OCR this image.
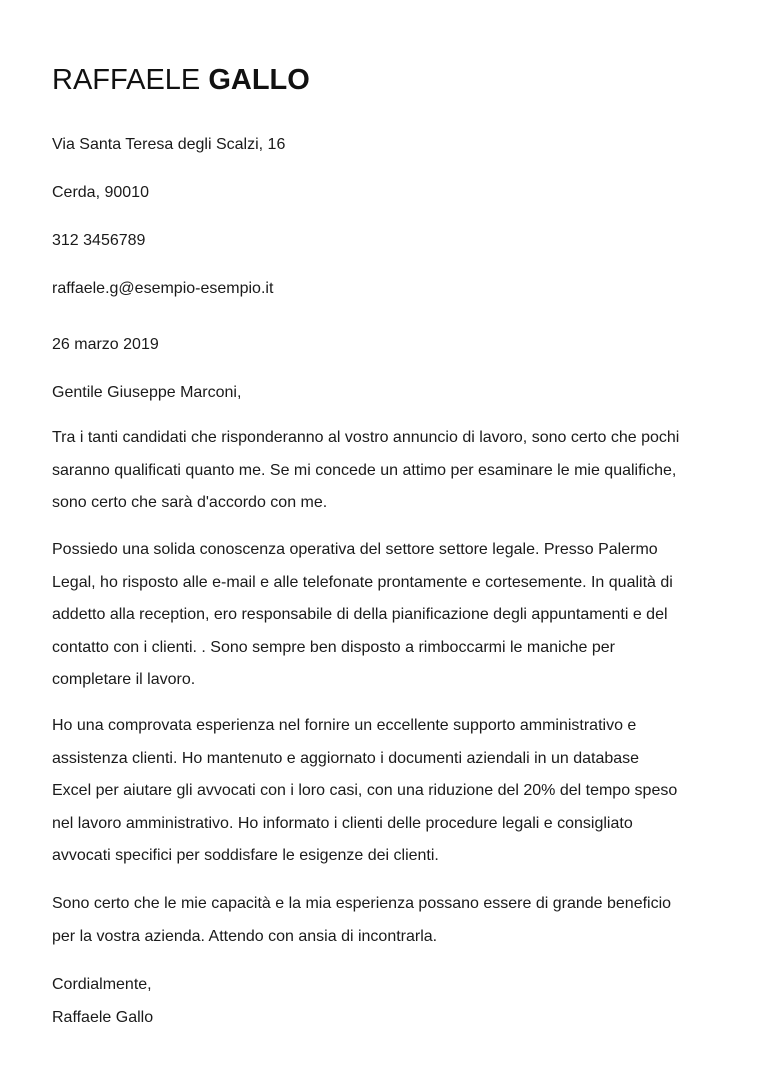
RAFFAELE GALLO
Via Santa Teresa degli Scalzi, 16
Cerda, 90010
312 3456789
raffaele.g@esempio-esempio.it
26 marzo 2019
Gentile Giuseppe Marconi,
Tra i tanti candidati che risponderanno al vostro annuncio di lavoro, sono certo che pochi
saranno qualificati quanto me. Se mi concede un attimo per esaminare le mie qualifiche,
sono certo che sarà d'accordo con me.
Possiedo una solida conoscenza operativa del settore settore legale. Presso Palermo
Legal, ho risposto alle e-mail e alle telefonate prontamente e cortesemente. In qualità di
addetto alla reception, ero responsabile di della pianificazione degli appuntamenti e del
contatto con i clienti. . Sono sempre ben disposto a rimboccarmi le maniche per
completare il lavoro.
Ho una comprovata esperienza nel fornire un eccellente supporto amministrativo e
assistenza clienti. Ho mantenuto e aggiornato i documenti aziendali in un database
Excel per aiutare gli avvocati con i loro casi, con una riduzione del 20% del tempo speso
nel lavoro amministrativo. Ho informato i clienti delle procedure legali e consigliato
avvocati specifici per soddisfare le esigenze dei clienti.
Sono certo che le mie capacità e la mia esperienza possano essere di grande beneficio
per la vostra azienda. Attendo con ansia di incontrarla.
Cordialmente,
Raffaele Gallo
